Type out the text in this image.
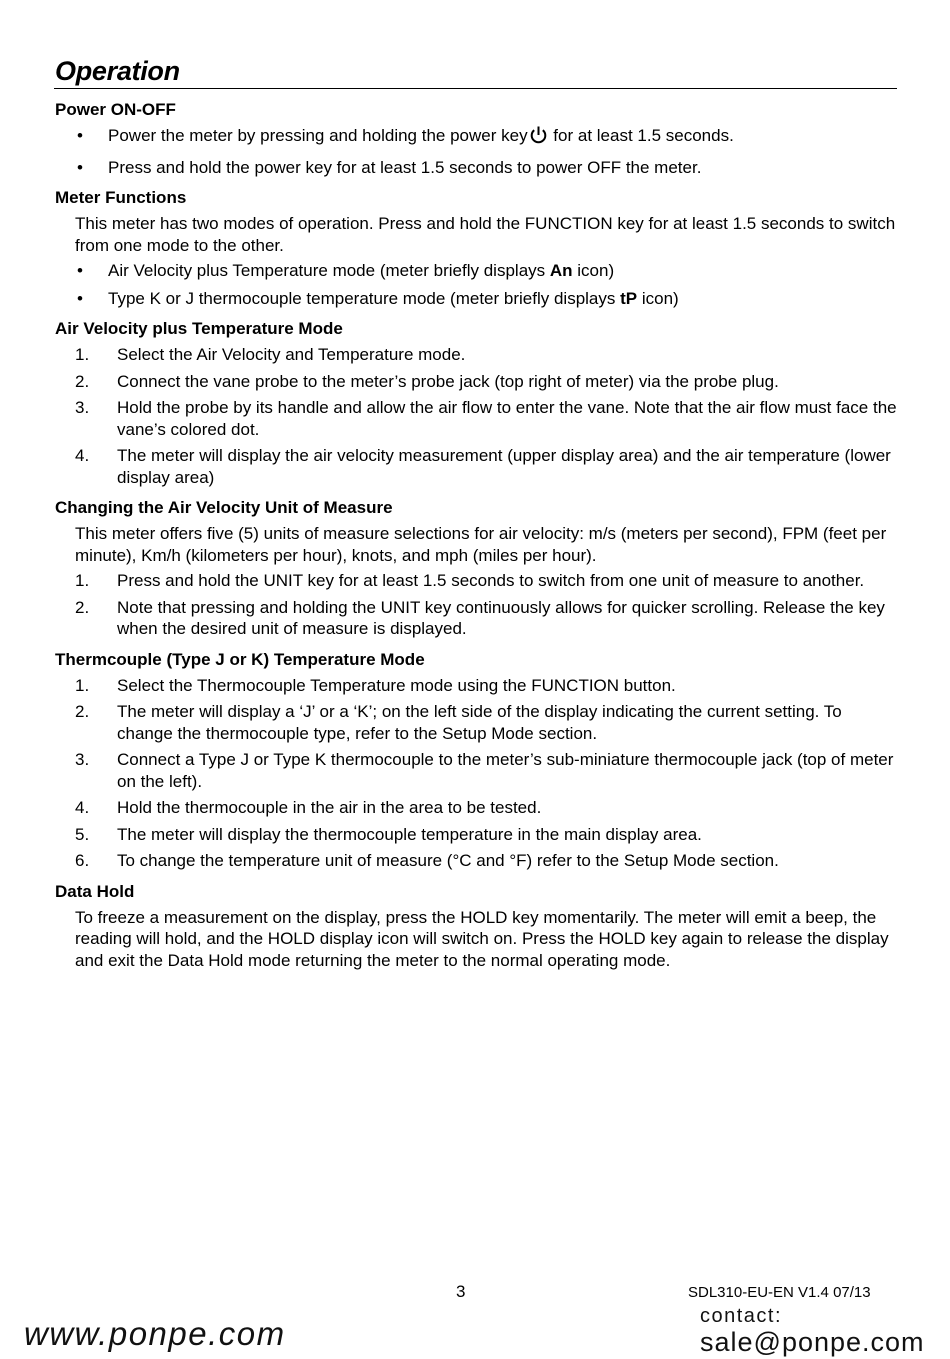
Operation
Power ON-OFF
• Power the meter by pressing and holding the power key for at least 1.5 seconds.
• Press and hold the power key for at least 1.5 seconds to power OFF the meter.
Meter Functions

This meter has two modes of operation. Press and hold the FUNCTION key for at least 1.5 seconds to switch from one mode to the other.

• Air Velocity plus Temperature mode (meter briefly displays An icon)
• Type K or J thermocouple temperature mode (meter briefly displays tP icon)
Air Velocity plus Temperature Mode
1. Select the Air Velocity and Temperature mode.
2. Connect the vane probe to the meter’s probe jack (top right of meter) via the probe plug.
3. Hold the probe by its handle and allow the air flow to enter the vane. Note that the air flow must face the vane’s colored dot.
4. The meter will display the air velocity measurement (upper display area) and the air temperature (lower display area)
Changing the Air Velocity Unit of Measure

This meter offers five (5) units of measure selections for air velocity: m/s (meters per second), FPM (feet per minute), Km/h (kilometers per hour), knots, and mph (miles per hour).

1. Press and hold the UNIT key for at least 1.5 seconds to switch from one unit of measure to another.
2. Note that pressing and holding the UNIT key continuously allows for quicker scrolling. Release the key when the desired unit of measure is displayed.
Thermcouple (Type J or K) Temperature Mode
1. Select the Thermocouple Temperature mode using the FUNCTION button.
2. The meter will display a ‘J’ or a ‘K’; on the left side of the display indicating the current setting. To change the thermocouple type, refer to the Setup Mode section.
3. Connect a Type J or Type K thermocouple to the meter’s sub-miniature thermocouple jack (top of meter on the left).
4. Hold the thermocouple in the air in the area to be tested.
5. The meter will display the thermocouple temperature in the main display area.
6. To change the temperature unit of measure (°C and °F) refer to the Setup Mode section.
Data Hold

To freeze a measurement on the display, press the HOLD key momentarily. The meter will emit a beep, the reading will hold, and the HOLD display icon will switch on. Press the HOLD key again to release the display and exit the Data Hold mode returning the meter to the normal operating mode.

3	SDL310-EU-EN V1.4 07/13
www.ponpe.com	contact:
sale@ponpe.com
